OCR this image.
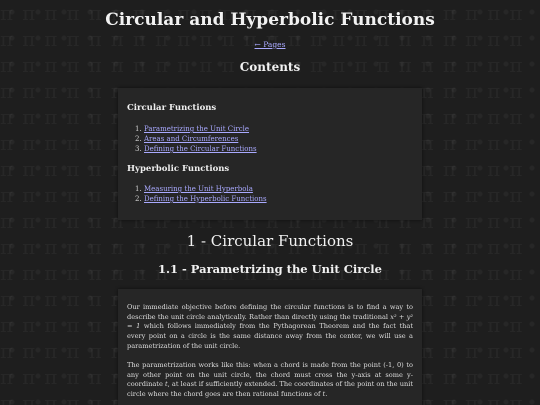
Circular and Hyperbolic Functions
← Pages
Contents
Circular Functions
1. Parametrizing the Unit Circle
2. Areas and Circumferences
3. Defining the Circular Functions
Hyperbolic Functions
1. Measuring the Unit Hyperbola
2. Defining the Hyperbolic Functions
1 - Circular Functions
1.1 - Parametrizing the Unit Circle

Our immediate objective before defining the circular functions is to find a way to describe the unit circle analytically. Rather than directly using the traditional x² + y² = 1 which follows immediately from the Pythagorean Theorem and the fact that every point on a circle is the same distance away from the center, we will use a parametrization of the unit circle.

The parametrization works like this: when a chord is made from the point (-1, 0) to any other point on the unit circle, the chord must cross the y-axis at some y-coordinate t, at least if sufficiently extended. The coordinates of the point on the unit circle where the chord goes are then rational functions of t.
